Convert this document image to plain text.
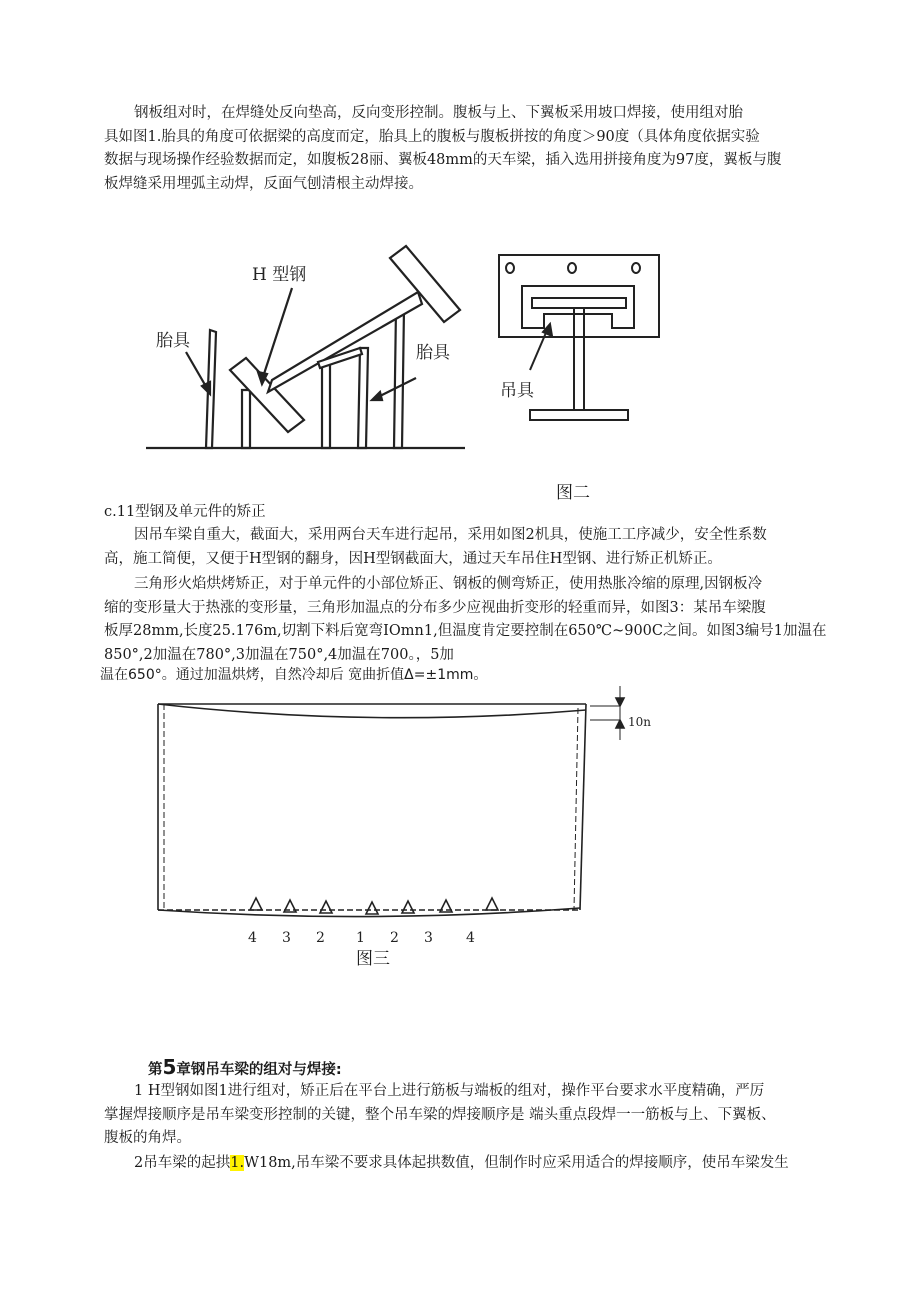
钢板组对时，在焊缝处反向垫高，反向变形控制。腹板与上、下翼板采用坡口焊接，使用组对胎
具如图1.胎具的角度可依据梁的高度而定，胎具上的腹板与腹板拼按的角度＞90度（具体角度依据实验
数据与现场操作经验数据而定，如腹板28丽、翼板48mm的天车梁，插入选用拼接角度为97度，翼板与腹
板焊缝采用埋弧主动焊，反面气刨清根主动焊接。
H 型钢
胎具
胎具
吊具
图二
c.11型钢及单元件的矫正
因吊车梁自重大，截面大，采用两台天车进行起吊，采用如图2机具，使施工工序减少，安全性系数
高，施工简便，又便于H型钢的翻身，因H型钢截面大，通过天车吊住H型钢、进行矫正机矫正。
三角形火焰烘烤矫正，对于单元件的小部位矫正、钢板的侧弯矫正，使用热胀冷缩的原理,因钢板冷
缩的变形量大于热涨的变形量，三角形加温点的分布多少应视曲折变形的轻重而异，如图3：某吊车梁腹
板厚28mm,长度25.176m,切割下料后宽弯IOmn1,但温度肯定要控制在650℃~900C之间。如图3编号1加温在
850°,2加温在780°,3加温在750°,4加温在700。，5加
温在650°。通过加温烘烤，自然冷却后 宽曲折值Δ=±1mm。
10n
4 3 2 1 2 3 4
图三
第5章钢吊车梁的组对与焊接:
1 H型钢如图1进行组对，矫正后在平台上进行筋板与端板的组对，操作平台要求水平度精确，严厉
掌握焊接顺序是吊车梁变形控制的关键，整个吊车梁的焊接顺序是 端头重点段焊一一筋板与上、下翼板、
腹板的角焊。
2吊车梁的起拱1.W18m,吊车梁不要求具体起拱数值，但制作时应采用适合的焊接顺序，使吊车梁发生
